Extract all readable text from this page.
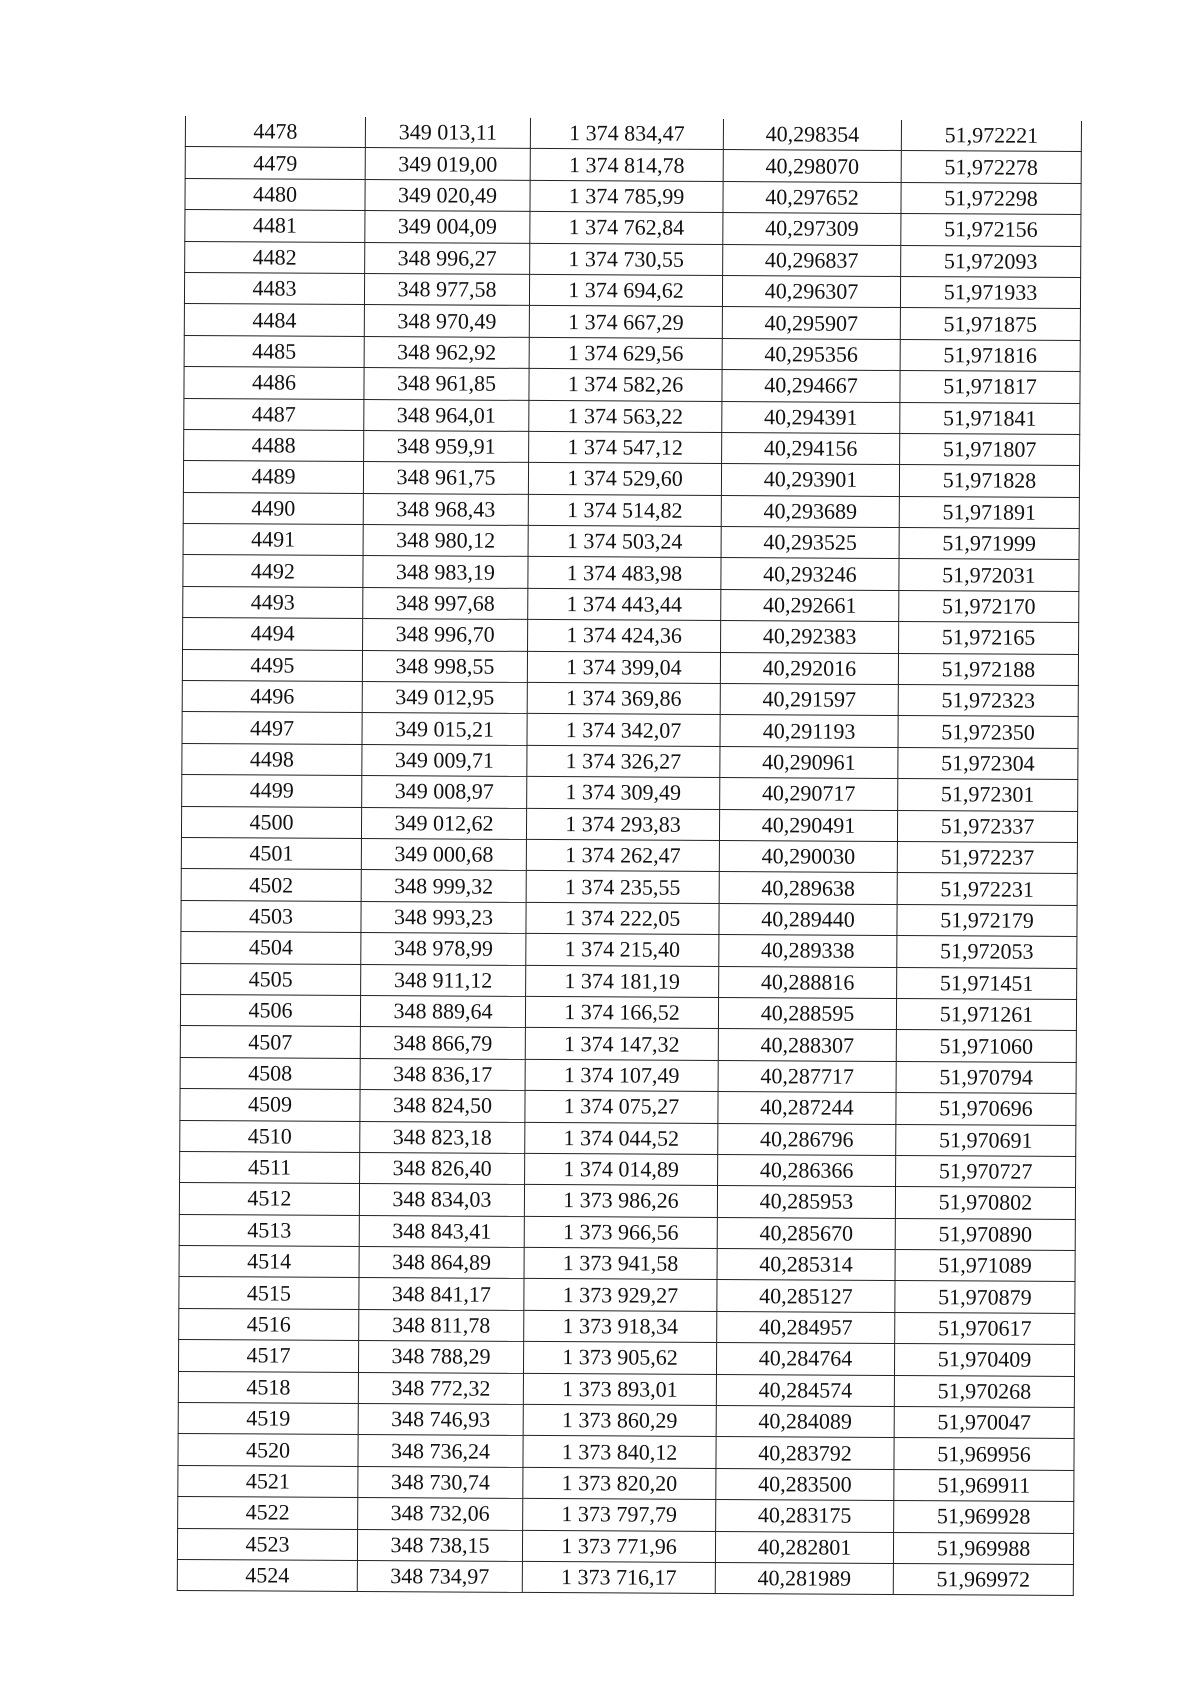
4478	349 013,11	1 374 834,47	40,298354	51,972221
4479	349 019,00	1 374 814,78	40,298070	51,972278
4480	349 020,49	1 374 785,99	40,297652	51,972298
4481	349 004,09	1 374 762,84	40,297309	51,972156
4482	348 996,27	1 374 730,55	40,296837	51,972093
4483	348 977,58	1 374 694,62	40,296307	51,971933
4484	348 970,49	1 374 667,29	40,295907	51,971875
4485	348 962,92	1 374 629,56	40,295356	51,971816
4486	348 961,85	1 374 582,26	40,294667	51,971817
4487	348 964,01	1 374 563,22	40,294391	51,971841
4488	348 959,91	1 374 547,12	40,294156	51,971807
4489	348 961,75	1 374 529,60	40,293901	51,971828
4490	348 968,43	1 374 514,82	40,293689	51,971891
4491	348 980,12	1 374 503,24	40,293525	51,971999
4492	348 983,19	1 374 483,98	40,293246	51,972031
4493	348 997,68	1 374 443,44	40,292661	51,972170
4494	348 996,70	1 374 424,36	40,292383	51,972165
4495	348 998,55	1 374 399,04	40,292016	51,972188
4496	349 012,95	1 374 369,86	40,291597	51,972323
4497	349 015,21	1 374 342,07	40,291193	51,972350
4498	349 009,71	1 374 326,27	40,290961	51,972304
4499	349 008,97	1 374 309,49	40,290717	51,972301
4500	349 012,62	1 374 293,83	40,290491	51,972337
4501	349 000,68	1 374 262,47	40,290030	51,972237
4502	348 999,32	1 374 235,55	40,289638	51,972231
4503	348 993,23	1 374 222,05	40,289440	51,972179
4504	348 978,99	1 374 215,40	40,289338	51,972053
4505	348 911,12	1 374 181,19	40,288816	51,971451
4506	348 889,64	1 374 166,52	40,288595	51,971261
4507	348 866,79	1 374 147,32	40,288307	51,971060
4508	348 836,17	1 374 107,49	40,287717	51,970794
4509	348 824,50	1 374 075,27	40,287244	51,970696
4510	348 823,18	1 374 044,52	40,286796	51,970691
4511	348 826,40	1 374 014,89	40,286366	51,970727
4512	348 834,03	1 373 986,26	40,285953	51,970802
4513	348 843,41	1 373 966,56	40,285670	51,970890
4514	348 864,89	1 373 941,58	40,285314	51,971089
4515	348 841,17	1 373 929,27	40,285127	51,970879
4516	348 811,78	1 373 918,34	40,284957	51,970617
4517	348 788,29	1 373 905,62	40,284764	51,970409
4518	348 772,32	1 373 893,01	40,284574	51,970268
4519	348 746,93	1 373 860,29	40,284089	51,970047
4520	348 736,24	1 373 840,12	40,283792	51,969956
4521	348 730,74	1 373 820,20	40,283500	51,969911
4522	348 732,06	1 373 797,79	40,283175	51,969928
4523	348 738,15	1 373 771,96	40,282801	51,969988
4524	348 734,97	1 373 716,17	40,281989	51,969972
